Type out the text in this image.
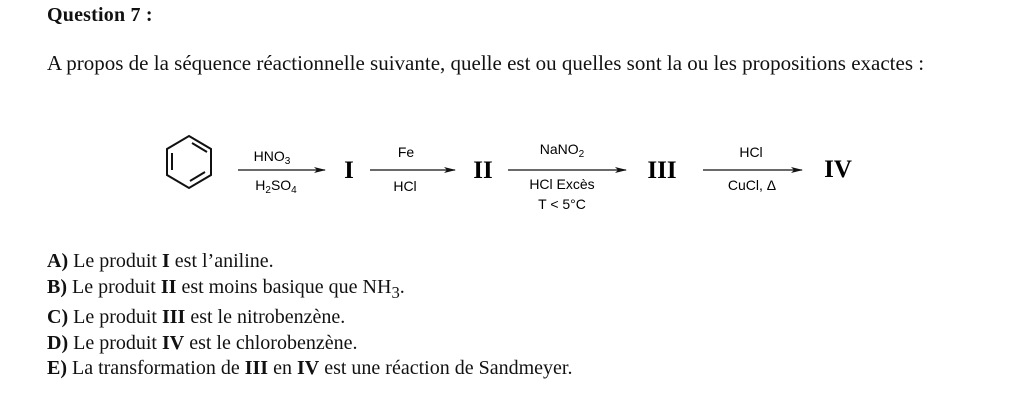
Question 7 :
A propos de la séquence réactionnelle suivante, quelle est ou quelles sont la ou les propositions exactes :
$HNO_3$
$H_2SO_4$
I
Fe
HCl
II
NaNO$_2$
HCl Excès
T < 5°C
III
HCl
CuCl, Δ
IV
A) Le produit I est l’aniline.
B) Le produit II est moins basique que $NH_3$.
C) Le produit III est le nitrobenzène.
D) Le produit IV est le chlorobenzène.
E) La transformation de III en IV est une réaction de Sandmeyer.
